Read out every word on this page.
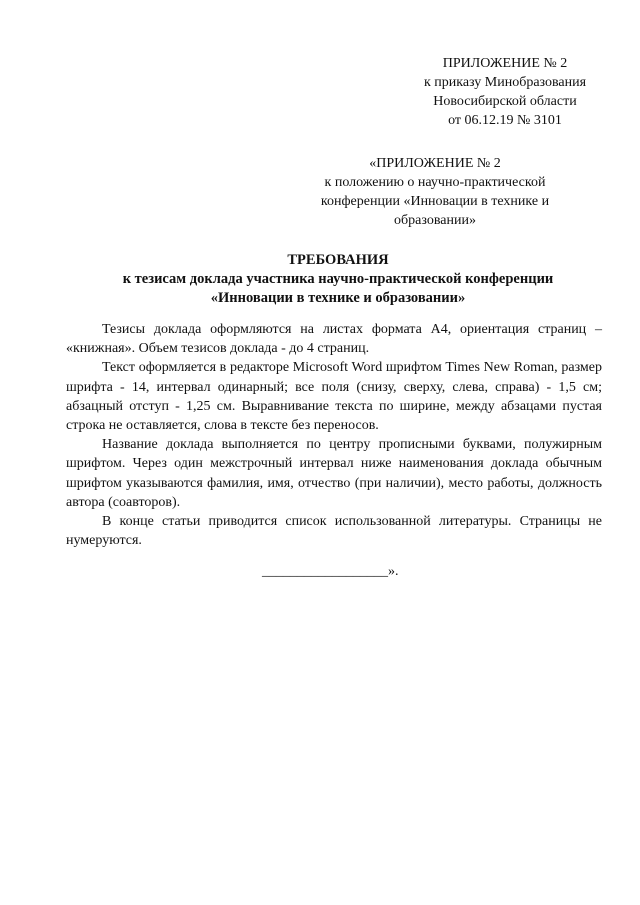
ПРИЛОЖЕНИЕ № 2
к приказу Минобразования
Новосибирской области
от 06.12.19 № 3101
«ПРИЛОЖЕНИЕ № 2
к положению о научно-практической
конференции «Инновации в технике и
образовании»
ТРЕБОВАНИЯ
к тезисам доклада участника научно-практической конференции
«Инновации в технике и образовании»

Тезисы доклада оформляются на листах формата А4, ориентация страниц – «книжная». Объем тезисов доклада - до 4 страниц.

Текст оформляется в редакторе Microsoft Word шрифтом Times New Roman, размер шрифта - 14, интервал одинарный; все поля (снизу, сверху, слева, справа) - 1,5 см; абзацный отступ - 1,25 см. Выравнивание текста по ширине, между абзацами пустая строка не оставляется, слова в тексте без переносов.

Название доклада выполняется по центру прописными буквами, полужирным шрифтом. Через один межстрочный интервал ниже наименования доклада обычным шрифтом указываются фамилия, имя, отчество (при наличии), место работы, должность автора (соавторов).

В конце статьи приводится список использованной литературы. Страницы не нумеруются.

__________________».
